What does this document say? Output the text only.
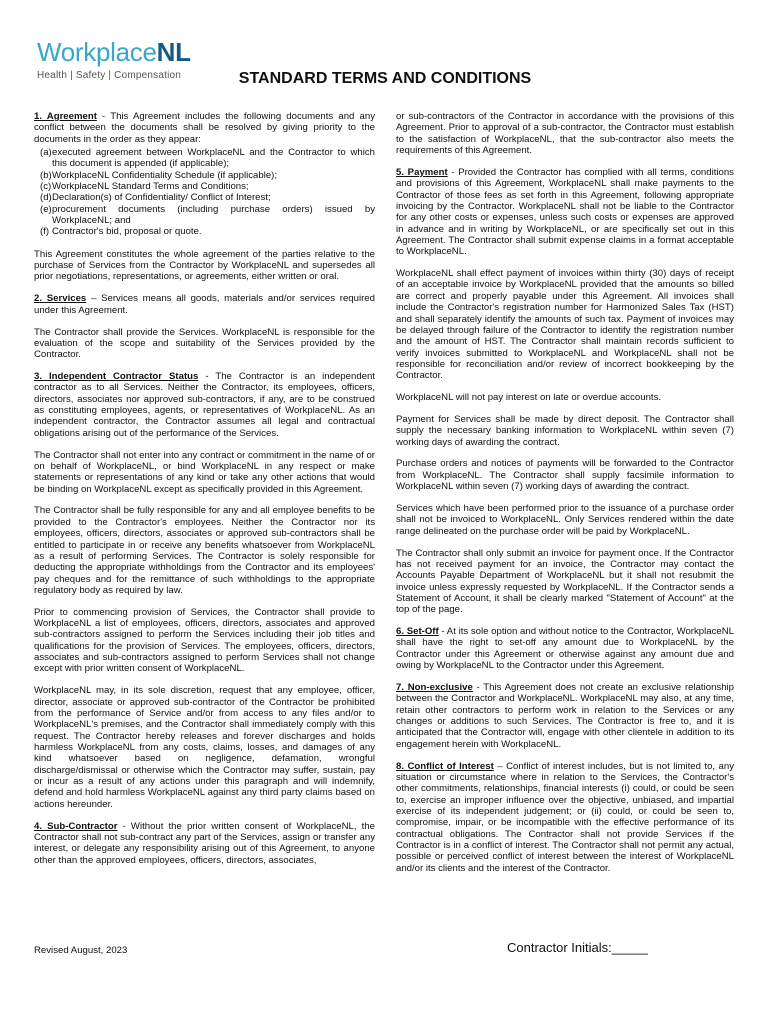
WorkplaceNL
Health | Safety | Compensation	STANDARD TERMS AND CONDITIONS

1. Agreement - This Agreement includes the following documents and any conflict between the documents shall be resolved by giving priority to the documents in the order as they appear:

(a) executed agreement between WorkplaceNL and the Contractor to which this document is appended (if applicable);
(b) WorkplaceNL Confidentiality Schedule (if applicable);
(c) WorkplaceNL Standard Terms and Conditions;
(d) Declaration(s) of Confidentiality/ Conflict of Interest;
(e) procurement documents (including purchase orders) issued by WorkplaceNL; and
(f) Contractor's bid, proposal or quote.

This Agreement constitutes the whole agreement of the parties relative to the purchase of Services from the Contractor by WorkplaceNL and supersedes all prior negotiations, representations, or agreements, either written or oral.

2. Services – Services means all goods, materials and/or services required under this Agreement.

The Contractor shall provide the Services. WorkplaceNL is responsible for the evaluation of the scope and suitability of the Services provided by the Contractor.

3. Independent Contractor Status - The Contractor is an independent contractor as to all Services. Neither the Contractor, its employees, officers, directors, associates nor approved sub-contractors, if any, are to be construed as constituting employees, agents, or representatives of WorkplaceNL. As an independent contractor, the Contractor assumes all legal and contractual obligations arising out of the performance of the Services.

The Contractor shall not enter into any contract or commitment in the name of or on behalf of WorkplaceNL, or bind WorkplaceNL in any respect or make statements or representations of any kind or take any other actions that would be binding on WorkplaceNL except as specifically provided in this Agreement.

The Contractor shall be fully responsible for any and all employee benefits to be provided to the Contractor's employees. Neither the Contractor nor its employees, officers, directors, associates or approved sub-contractors shall be entitled to participate in or receive any benefits whatsoever from WorkplaceNL as a result of performing Services. The Contractor is solely responsible for deducting the appropriate withholdings from the Contractor and its employees' pay cheques and for the remittance of such withholdings to the appropriate regulatory body as required by law.

Prior to commencing provision of Services, the Contractor shall provide to WorkplaceNL a list of employees, officers, directors, associates and approved sub-contractors assigned to perform the Services including their job titles and qualifications for the provision of Services. The employees, officers, directors, associates and sub-contractors assigned to perform Services shall not change except with prior written consent of WorkplaceNL.

WorkplaceNL may, in its sole discretion, request that any employee, officer, director, associate or approved sub-contractor of the Contractor be prohibited from the performance of Service and/or from access to any files and/or to WorkplaceNL's premises, and the Contractor shall immediately comply with this request. The Contractor hereby releases and forever discharges and holds harmless WorkplaceNL from any costs, claims, losses, and damages of any kind whatsoever based on negligence, defamation, wrongful discharge/dismissal or otherwise which the Contractor may suffer, sustain, pay or incur as a result of any actions under this paragraph and will indemnify, defend and hold harmless WorkplaceNL against any third party claims based on actions hereunder.

4. Sub-Contractor - Without the prior written consent of WorkplaceNL, the Contractor shall not sub-contract any part of the Services, assign or transfer any interest, or delegate any responsibility arising out of this Agreement, to anyone other than the approved employees, officers, directors, associates,

or sub-contractors of the Contractor in accordance with the provisions of this Agreement. Prior to approval of a sub-contractor, the Contractor must establish to the satisfaction of WorkplaceNL, that the sub-contractor also meets the requirements of this Agreement.

5. Payment - Provided the Contractor has complied with all terms, conditions and provisions of this Agreement, WorkplaceNL shall make payments to the Contractor of those fees as set forth in this Agreement, following appropriate invoicing by the Contractor. WorkplaceNL shall not be liable to the Contractor for any other costs or expenses, unless such costs or expenses are approved in advance and in writing by WorkplaceNL, or are specifically set out in this Agreement. The Contractor shall submit expense claims in a format acceptable to WorkplaceNL.

WorkplaceNL shall effect payment of invoices within thirty (30) days of receipt of an acceptable invoice by WorkplaceNL provided that the amounts so billed are correct and properly payable under this Agreement. All invoices shall include the Contractor's registration number for Harmonized Sales Tax (HST) and shall separately identify the amounts of such tax. Payment of invoices may be delayed through failure of the Contractor to identify the registration number and the amount of HST. The Contractor shall maintain records sufficient to verify invoices submitted to WorkplaceNL and WorkplaceNL shall not be responsible for reconciliation and/or review of incorrect bookkeeping by the Contractor.

WorkplaceNL will not pay interest on late or overdue accounts.

Payment for Services shall be made by direct deposit. The Contractor shall supply the necessary banking information to WorkplaceNL within seven (7) working days of awarding the contract.

Purchase orders and notices of payments will be forwarded to the Contractor from WorkplaceNL. The Contractor shall supply facsimile information to WorkplaceNL within seven (7) working days of awarding the contract.

Services which have been performed prior to the issuance of a purchase order shall not be invoiced to WorkplaceNL. Only Services rendered within the date range delineated on the purchase order will be paid by WorkplaceNL.

The Contractor shall only submit an invoice for payment once. If the Contractor has not received payment for an invoice, the Contractor may contact the Accounts Payable Department of WorkplaceNL but it shall not resubmit the invoice unless expressly requested by WorkplaceNL. If the Contractor sends a Statement of Account, it shall be clearly marked "Statement of Account" at the top of the page.

6. Set-Off - At its sole option and without notice to the Contractor, WorkplaceNL shall have the right to set-off any amount due to WorkplaceNL by the Contractor under this Agreement or otherwise against any amount due and owing by WorkplaceNL to the Contractor under this Agreement.

7. Non-exclusive - This Agreement does not create an exclusive relationship between the Contractor and WorkplaceNL. WorkplaceNL may also, at any time, retain other contractors to perform work in relation to the Services or any changes or additions to such Services. The Contractor is free to, and it is anticipated that the Contractor will, engage with other clientele in addition to its engagement herein with WorkplaceNL.

8. Conflict of Interest – Conflict of interest includes, but is not limited to, any situation or circumstance where in relation to the Services, the Contractor's other commitments, relationships, financial interests (i) could, or could be seen to, exercise an improper influence over the objective, unbiased, and impartial exercise of its independent judgement; or (ii) could, or could be seen to, compromise, impair, or be incompatible with the effective performance of its contractual obligations. The Contractor shall not provide Services if the Contractor is in a conflict of interest. The Contractor shall not permit any actual, possible or perceived conflict of interest between the interest of WorkplaceNL and/or its clients and the interest of the Contractor.

Revised August, 2023	Contractor Initials:_____
